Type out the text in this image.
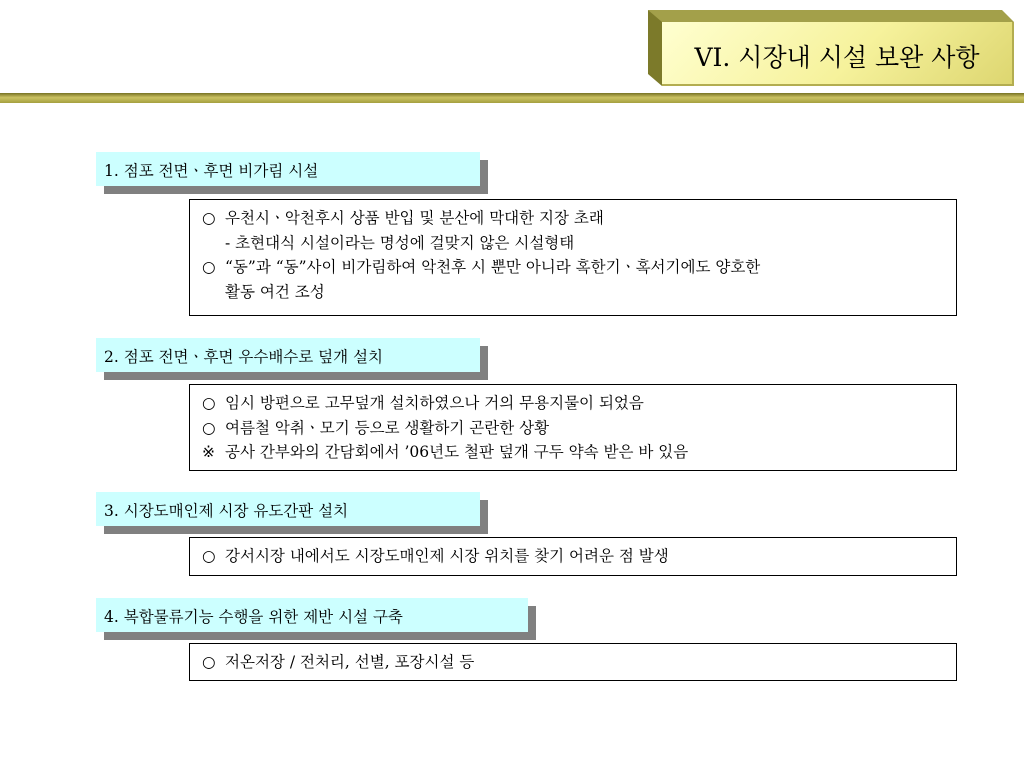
VI. 시장내 시설 보완 사항
1. 점포 전면ㆍ후면 비가림 시설
○ 우천시ㆍ악천후시 상품 반입 및 분산에 막대한 지장 초래
- 초현대식 시설이라는 명성에 걸맞지 않은 시설형태
○ “동”과 “동”사이 비가림하여 악천후 시 뿐만 아니라 혹한기ㆍ혹서기에도 양호한
활동 여건 조성
2. 점포 전면ㆍ후면 우수배수로 덮개 설치
○ 임시 방편으로 고무덮개 설치하였으나 거의 무용지물이 되었음
○ 여름철 악취ㆍ모기 등으로 생활하기 곤란한 상황
※ 공사 간부와의 간담회에서 ’06년도 철판 덮개 구두 약속 받은 바 있음
3. 시장도매인제 시장 유도간판 설치
○ 강서시장 내에서도 시장도매인제 시장 위치를 찾기 어려운 점 발생
4. 복합물류기능 수행을 위한 제반 시설 구축
○ 저온저장 / 전처리, 선별, 포장시설 등
